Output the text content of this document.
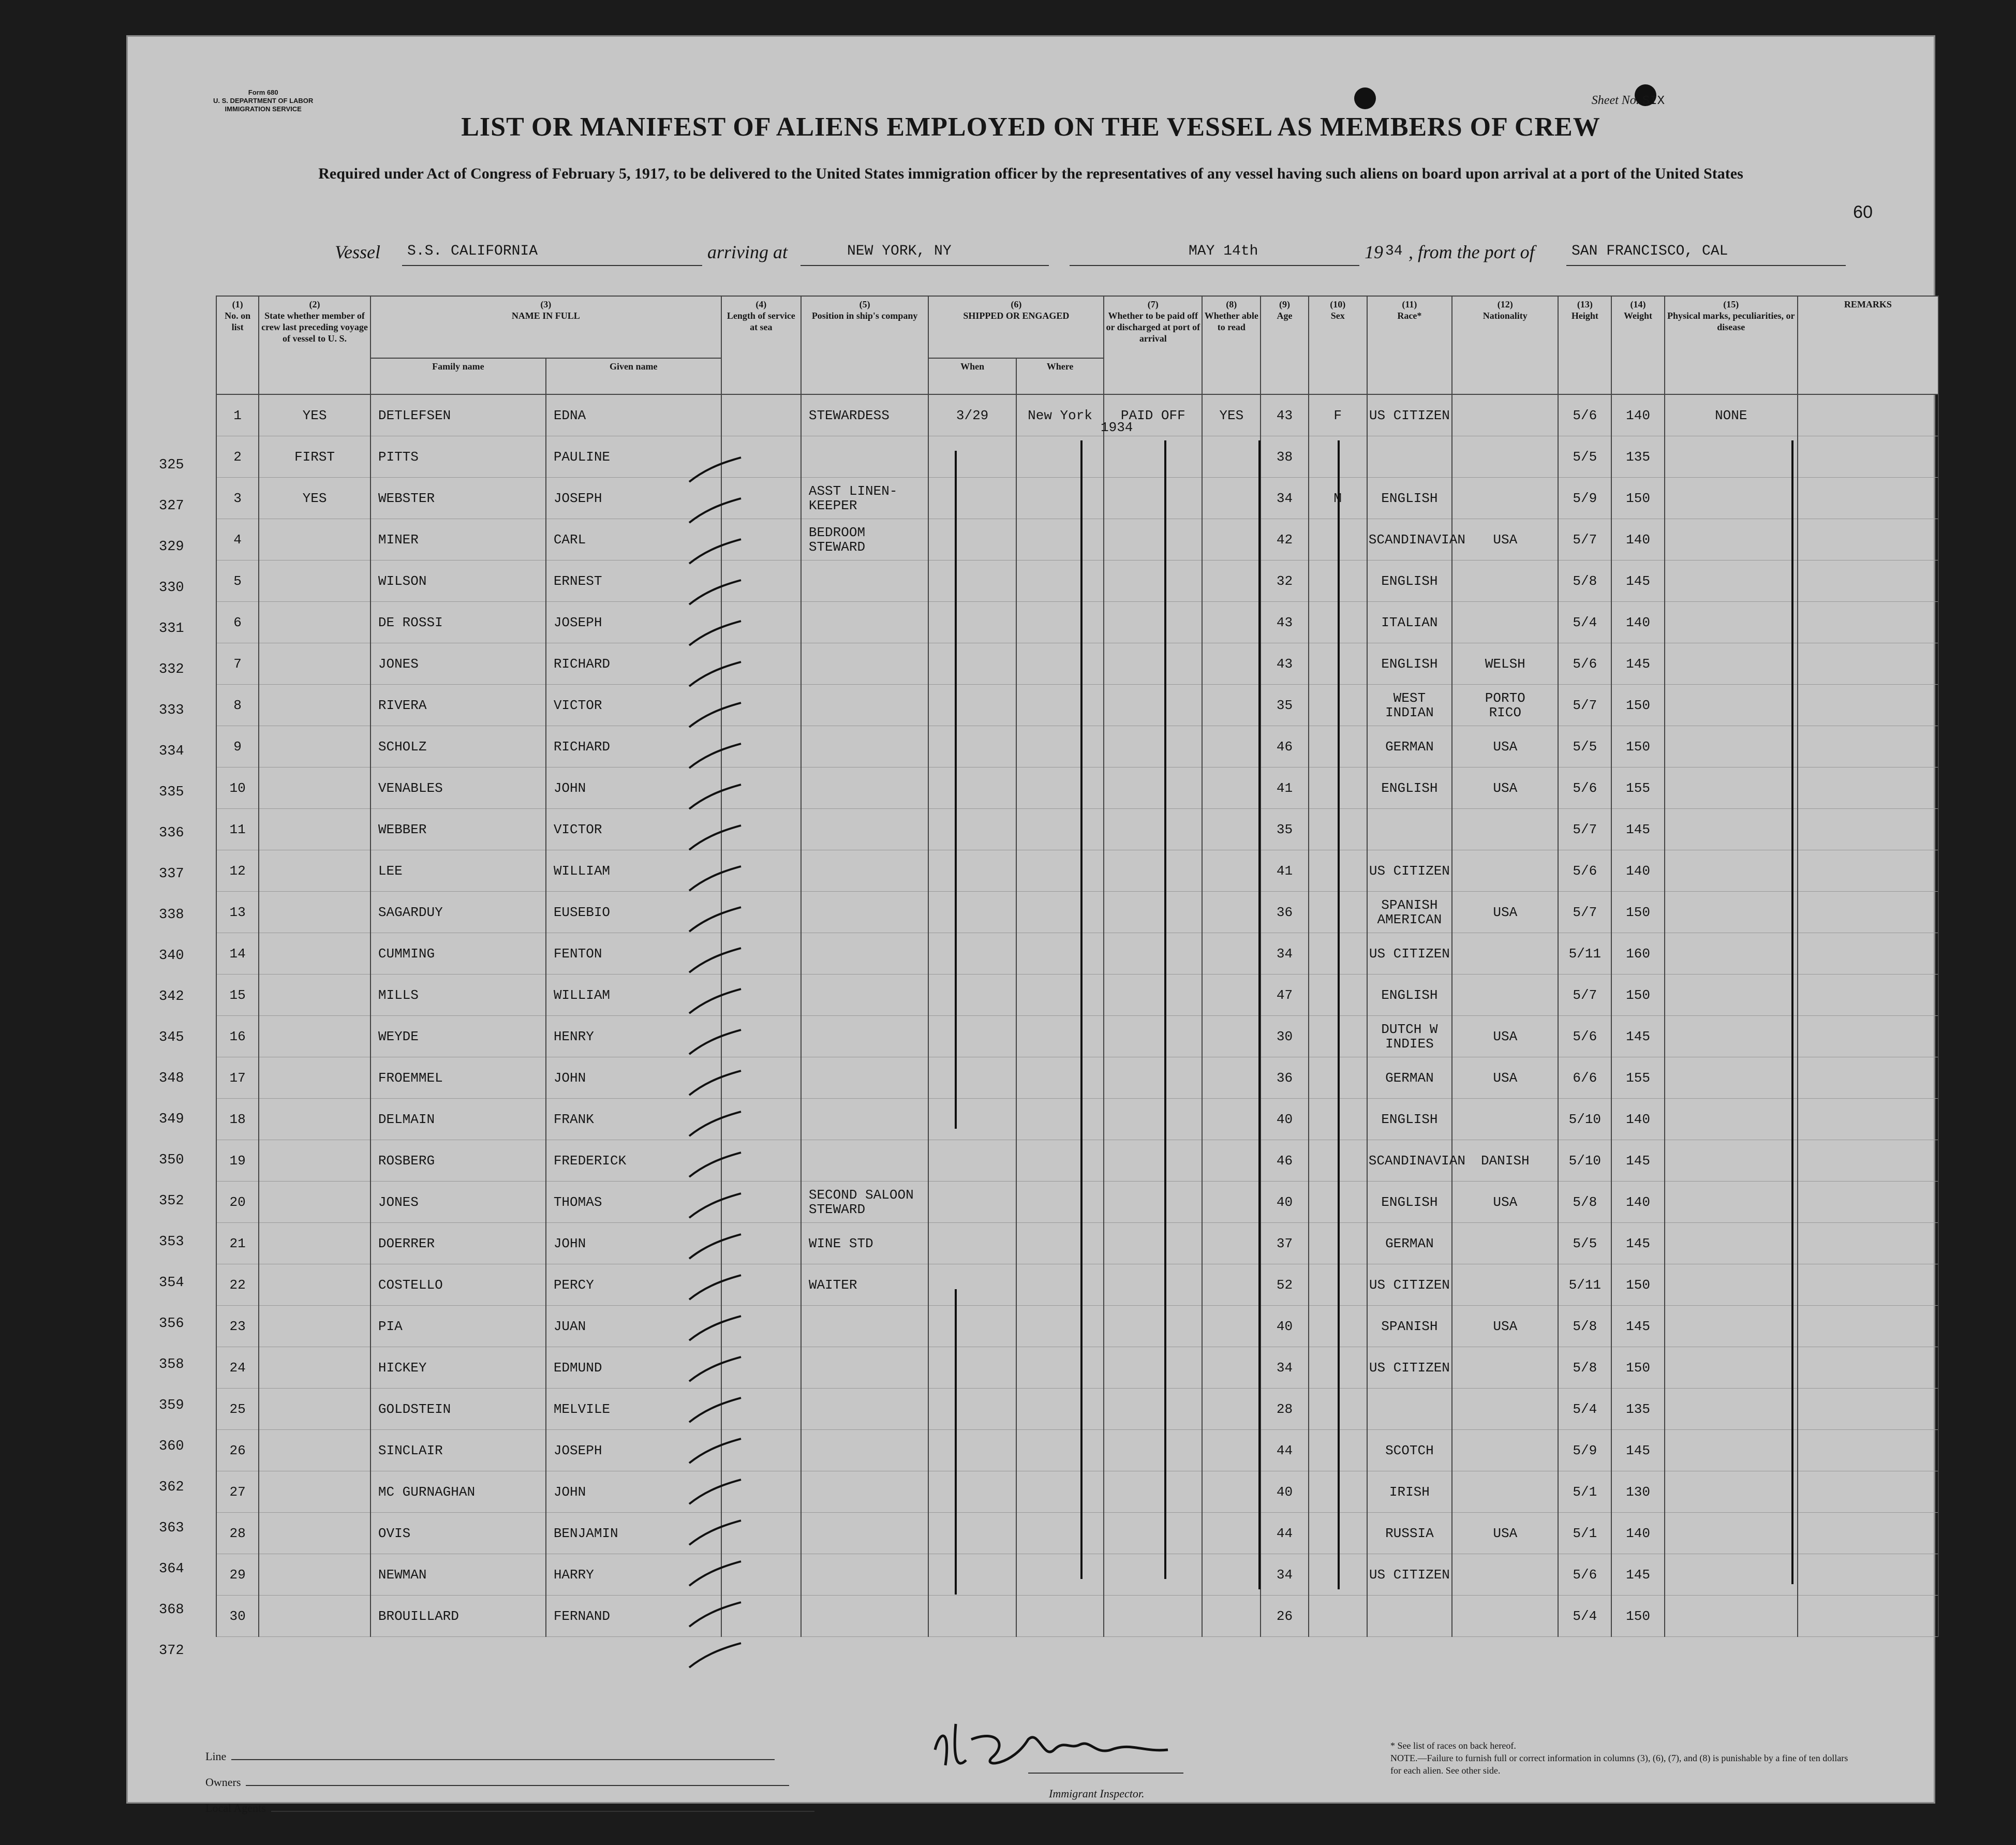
Form 680
U. S. DEPARTMENT OF LABOR
IMMIGRATION SERVICE
Sheet No. SIX
60
LIST OR MANIFEST OF ALIENS EMPLOYED ON THE VESSEL AS MEMBERS OF CREW
Required under Act of Congress of February 5, 1917, to be delivered to the United States immigration officer by the representatives of any vessel having such aliens on board upon arrival at a port of the United States
Vessel S.S. CALIFORNIA	arriving at	NEW YORK, NY	MAY 14th	19 34 , from the port of	SAN FRANCISCO, CAL
(1)
No. on list	(2)
State whether member of crew last preceding voyage of vessel to U. S.	(3)
NAME IN FULL		(4)
Length of service at sea	(5)
Position in ship's company	(6)
SHIPPED OR ENGAGED		(7)
Whether to be paid off or discharged at port of arrival	(8)
Whether able to read	(9)
Age	(10)
Sex	(11)
Race*	(12)
Nationality	(13)
Height	(14)
Weight	(15)
Physical marks, peculiarities, or disease	REMARKS
		Family name	Given name			When	Where										
1	YES	DETLEFSEN	EDNA		STEWARDESS	3/29	New York	PAID OFF	YES	43	F	US CITIZEN		5/6	140	NONE	
2	FIRST	PITTS	PAULINE							38				5/5	135		
3	YES	WEBSTER	JOSEPH		ASST LINEN-
KEEPER					34	M	ENGLISH		5/9	150		
4		MINER	CARL		BEDROOM
STEWARD					42		SCANDINAVIAN	USA	5/7	140		
5		WILSON	ERNEST							32		ENGLISH		5/8	145		
6		DE ROSSI	JOSEPH							43		ITALIAN		5/4	140		
7		JONES	RICHARD							43		ENGLISH	WELSH	5/6	145		
8		RIVERA	VICTOR							35		WEST
INDIAN	PORTO
RICO	5/7	150		
9		SCHOLZ	RICHARD							46		GERMAN	USA	5/5	150		
10		VENABLES	JOHN							41		ENGLISH	USA	5/6	155		
11		WEBBER	VICTOR							35				5/7	145		
12		LEE	WILLIAM							41		US CITIZEN		5/6	140		
13		SAGARDUY	EUSEBIO							36		SPANISH
AMERICAN	USA	5/7	150		
14		CUMMING	FENTON							34		US CITIZEN		5/11	160		
15		MILLS	WILLIAM							47		ENGLISH		5/7	150		
16		WEYDE	HENRY							30		DUTCH W
INDIES	USA	5/6	145		
17		FROEMMEL	JOHN							36		GERMAN	USA	6/6	155		
18		DELMAIN	FRANK							40		ENGLISH		5/10	140		
19		ROSBERG	FREDERICK							46		SCANDINAVIAN	DANISH	5/10	145		
20		JONES	THOMAS		SECOND SALOON
STEWARD					40		ENGLISH	USA	5/8	140		
21		DOERRER	JOHN		WINE STD					37		GERMAN		5/5	145		
22		COSTELLO	PERCY		WAITER					52		US CITIZEN		5/11	150		
23		PIA	JUAN							40		SPANISH	USA	5/8	145		
24		HICKEY	EDMUND							34		US CITIZEN		5/8	150		
25		GOLDSTEIN	MELVILE							28				5/4	135		
26		SINCLAIR	JOSEPH							44		SCOTCH		5/9	145		
27		MC GURNAGHAN	JOHN							40		IRISH		5/1	130		
28		OVIS	BENJAMIN							44		RUSSIA	USA	5/1	140		
29		NEWMAN	HARRY							34		US CITIZEN		5/6	145		
30		BROUILLARD	FERNAND							26				5/4	150		
1934
Line
Owners
Local Agents
Immigrant Inspector.
* See list of races on back hereof.
NOTE.—Failure to furnish full or correct information in columns (3), (6), (7), and (8) is punishable by a fine of ten dollars for each alien. See other side.
325
327
329
330
331
332
333
334
335
336
337
338
340
342
345
348
349
350
352
353
354
356
358
359
360
362
363
364
368
372
